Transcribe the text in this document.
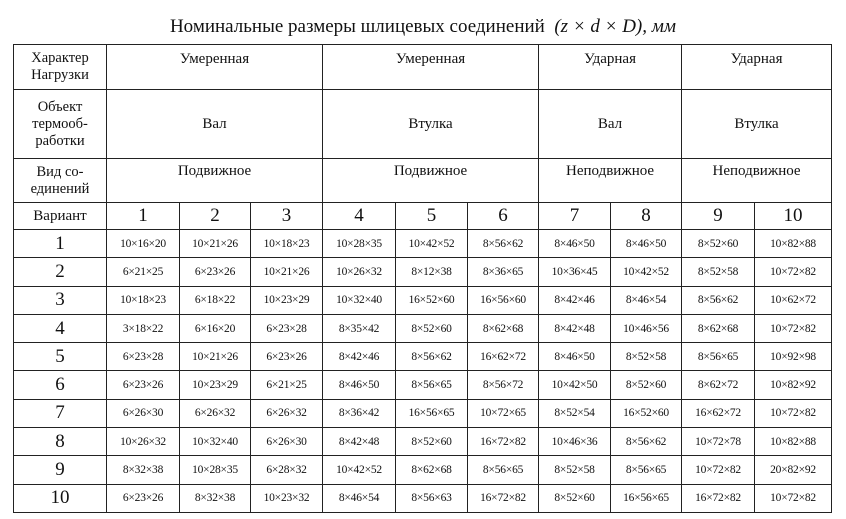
Номинальные размеры шлицевых соединений (z × d × D), мм
Характер
Нагрузки	Умеренная			Умеренная			Ударная		Ударная	
Объект
термооб-
работки	Вал			Втулка			Вал		Втулка	
Вид со-
единений	Подвижное			Подвижное			Неподвижное		Неподвижное	
Вариант	1	2	3	4	5	6	7	8	9	10
1	10×16×20	10×21×26	10×18×23	10×28×35	10×42×52	8×56×62	8×46×50	8×46×50	8×52×60	10×82×88
2	6×21×25	6×23×26	10×21×26	10×26×32	8×12×38	8×36×65	10×36×45	10×42×52	8×52×58	10×72×82
3	10×18×23	6×18×22	10×23×29	10×32×40	16×52×60	16×56×60	8×42×46	8×46×54	8×56×62	10×62×72
4	3×18×22	6×16×20	6×23×28	8×35×42	8×52×60	8×62×68	8×42×48	10×46×56	8×62×68	10×72×82
5	6×23×28	10×21×26	6×23×26	8×42×46	8×56×62	16×62×72	8×46×50	8×52×58	8×56×65	10×92×98
6	6×23×26	10×23×29	6×21×25	8×46×50	8×56×65	8×56×72	10×42×50	8×52×60	8×62×72	10×82×92
7	6×26×30	6×26×32	6×26×32	8×36×42	16×56×65	10×72×65	8×52×54	16×52×60	16×62×72	10×72×82
8	10×26×32	10×32×40	6×26×30	8×42×48	8×52×60	16×72×82	10×46×36	8×56×62	10×72×78	10×82×88
9	8×32×38	10×28×35	6×28×32	10×42×52	8×62×68	8×56×65	8×52×58	8×56×65	10×72×82	20×82×92
10	6×23×26	8×32×38	10×23×32	8×46×54	8×56×63	16×72×82	8×52×60	16×56×65	16×72×82	10×72×82
